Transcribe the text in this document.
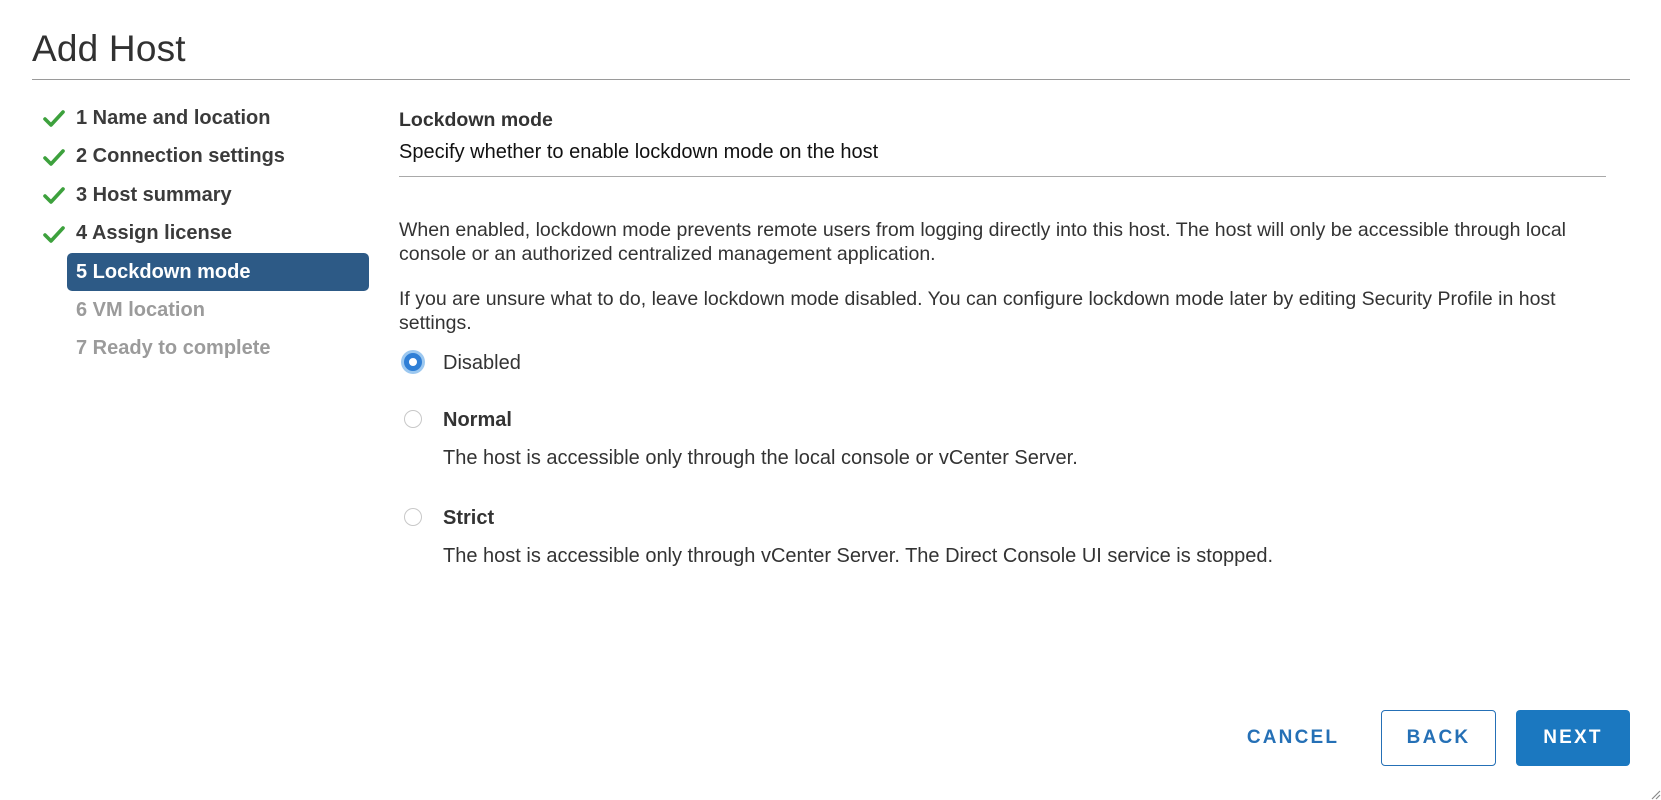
Add Host
1 Name and location
2 Connection settings
3 Host summary
4 Assign license
5 Lockdown mode
6 VM location
7 Ready to complete
Lockdown mode
Specify whether to enable lockdown mode on the host

When enabled, lockdown mode prevents remote users from logging directly into this host. The host will only be accessible through local console or an authorized centralized management application.

If you are unsure what to do, leave lockdown mode disabled. You can configure lockdown mode later by editing Security Profile in host settings.

Disabled
Normal
The host is accessible only through the local console or vCenter Server.
Strict
The host is accessible only through vCenter Server. The Direct Console UI service is stopped.
CANCEL	BACK	NEXT
